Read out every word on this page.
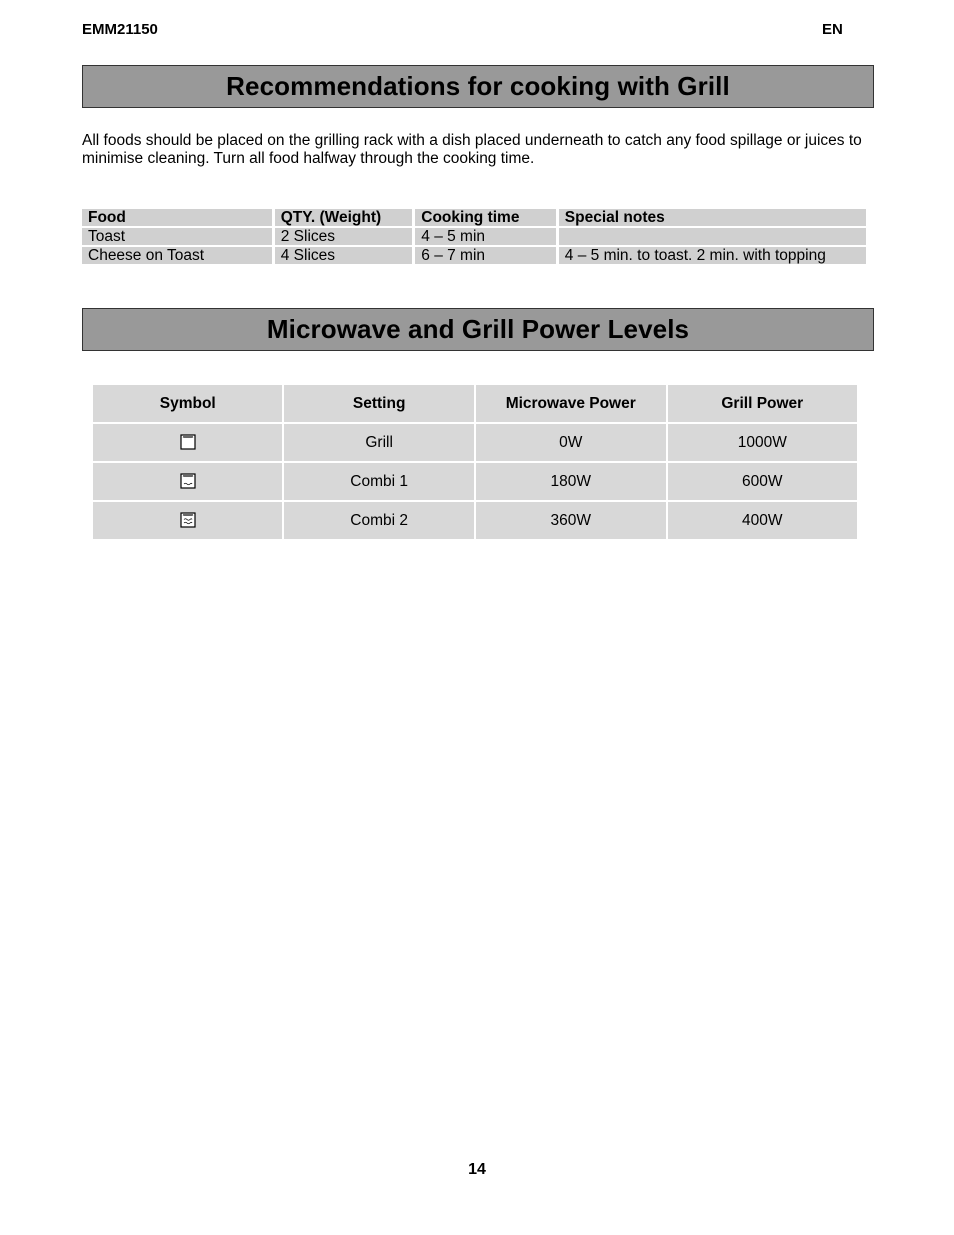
EMM21150	EN
Recommendations for cooking with Grill
All foods should be placed on the grilling rack with a dish placed underneath to catch any food spillage or juices to minimise cleaning. Turn all food halfway through the cooking time.
Food	QTY. (Weight)	Cooking time	Special notes
Toast	2 Slices	4 – 5 min	
Cheese on Toast	4 Slices	6 – 7 min	4 – 5 min. to toast. 2 min. with topping
Microwave and Grill Power Levels
Symbol	Setting	Microwave Power	Grill Power
	Grill	0W	1000W
	Combi 1	180W	600W
	Combi 2	360W	400W
14
